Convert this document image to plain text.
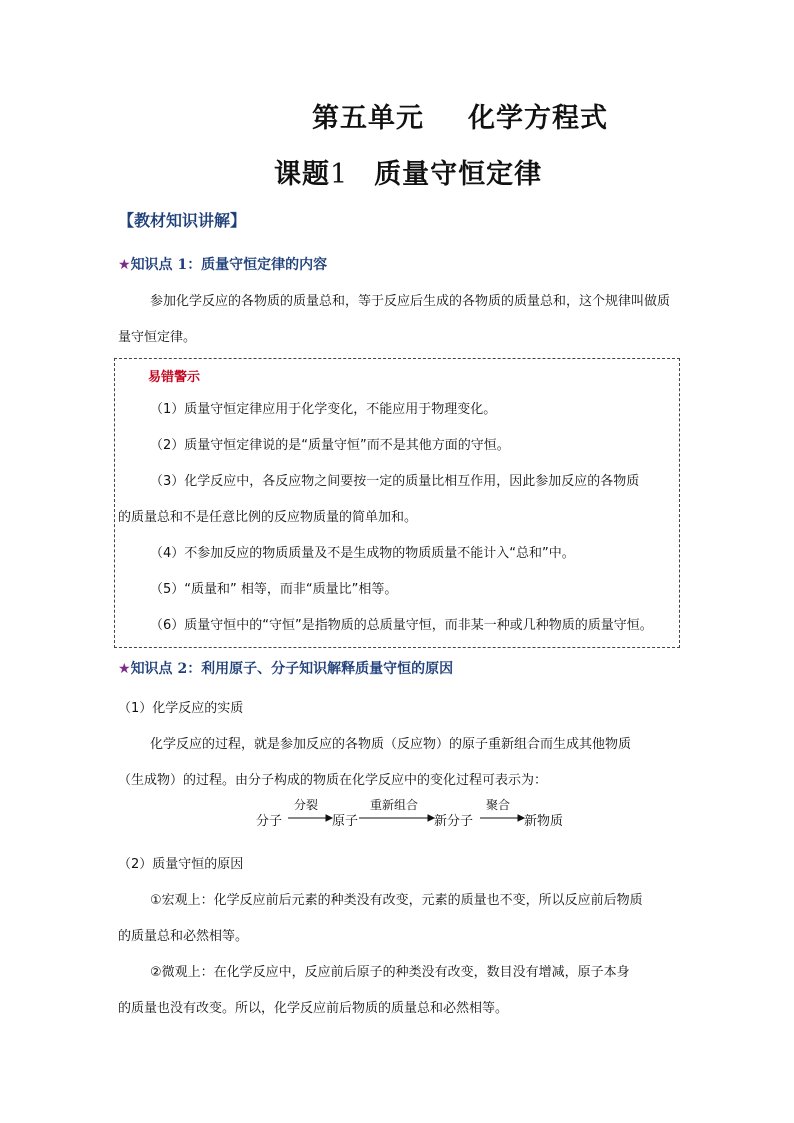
第五单元 化学方程式
课题1 质量守恒定律
【教材知识讲解】
★知识点 1：质量守恒定律的内容
参加化学反应的各物质的质量总和，等于反应后生成的各物质的质量总和，这个规律叫做质量守恒定律。
易错警示
（1）质量守恒定律应用于化学变化，不能应用于物理变化。
（2）质量守恒定律说的是“质量守恒”而不是其他方面的守恒。
（3）化学反应中，各反应物之间要按一定的质量比相互作用，因此参加反应的各物质
的质量总和不是任意比例的反应物质量的简单加和。
（4）不参加反应的物质质量及不是生成物的物质质量不能计入“总和”中。
（5）“质量和” 相等，而非“质量比”相等。
（6）质量守恒中的“守恒”是指物质的总质量守恒，而非某一种或几种物质的质量守恒。
★知识点 2：利用原子、分子知识解释质量守恒的原因
（1）化学反应的实质
化学反应的过程，就是参加反应的各物质（反应物）的原子重新组合而生成其他物质
（生成物）的过程。由分子构成的物质在化学反应中的变化过程可表示为：
分子	原子	新分子	新物质
分裂	重新组合	聚合
（2）质量守恒的原因
①宏观上：化学反应前后元素的种类没有改变，元素的质量也不变，所以反应前后物质
的质量总和必然相等。
②微观上：在化学反应中，反应前后原子的种类没有改变，数目没有增减，原子本身
的质量也没有改变。所以，化学反应前后物质的质量总和必然相等。
